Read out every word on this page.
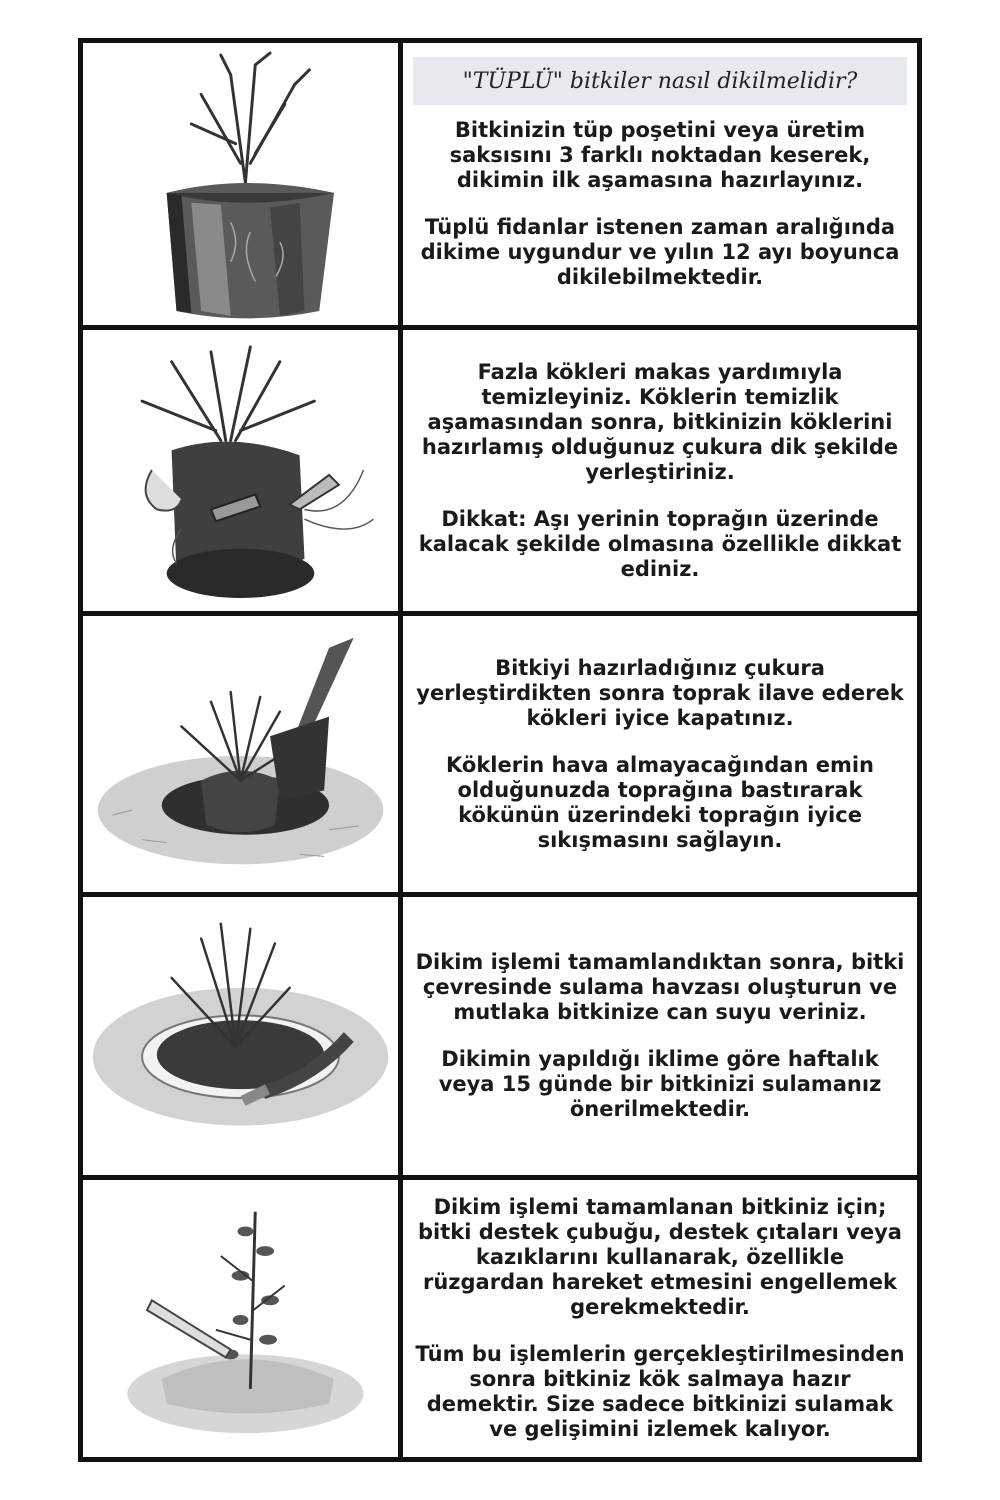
Bitkinizin tüp poşetini veya üretim saksısını 3 farklı noktadan keserek, dikimin ilk aşamasına hazırlayınız.

Tüplü fidanlar istenen zaman aralığında dikime uygundur ve yılın 12 ayı boyunca dikilebilmektedir.

"TÜPLÜ" bitkiler nasıl dikilmelidir?

Fazla kökleri makas yardımıyla temizleyiniz. Köklerin temizlik aşamasından sonra, bitkinizin köklerini hazırlamış olduğunuz çukura dik şekilde yerleştiriniz.

Dikkat: Aşı yerinin toprağın üzerinde kalacak şekilde olmasına özellikle dikkat ediniz.

Bitkiyi hazırladığınız çukura yerleştirdikten sonra toprak ilave ederek kökleri iyice kapatınız.

Köklerin hava almayacağından emin olduğunuzda toprağına bastırarak kökünün üzerindeki toprağın iyice sıkışmasını sağlayın.

Dikim işlemi tamamlandıktan sonra, bitki çevresinde sulama havzası oluşturun ve mutlaka bitkinize can suyu veriniz.

Dikimin yapıldığı iklime göre haftalık veya 15 günde bir bitkinizi sulamanız önerilmektedir.

Dikim işlemi tamamlanan bitkiniz için; bitki destek çubuğu, destek çıtaları veya kazıklarını kullanarak, özellikle rüzgardan hareket etmesini engellemek gerekmektedir.

Tüm bu işlemlerin gerçekleştirilmesinden sonra bitkiniz kök salmaya hazır demektir. Size sadece bitkinizi sulamak ve gelişimini izlemek kalıyor.
